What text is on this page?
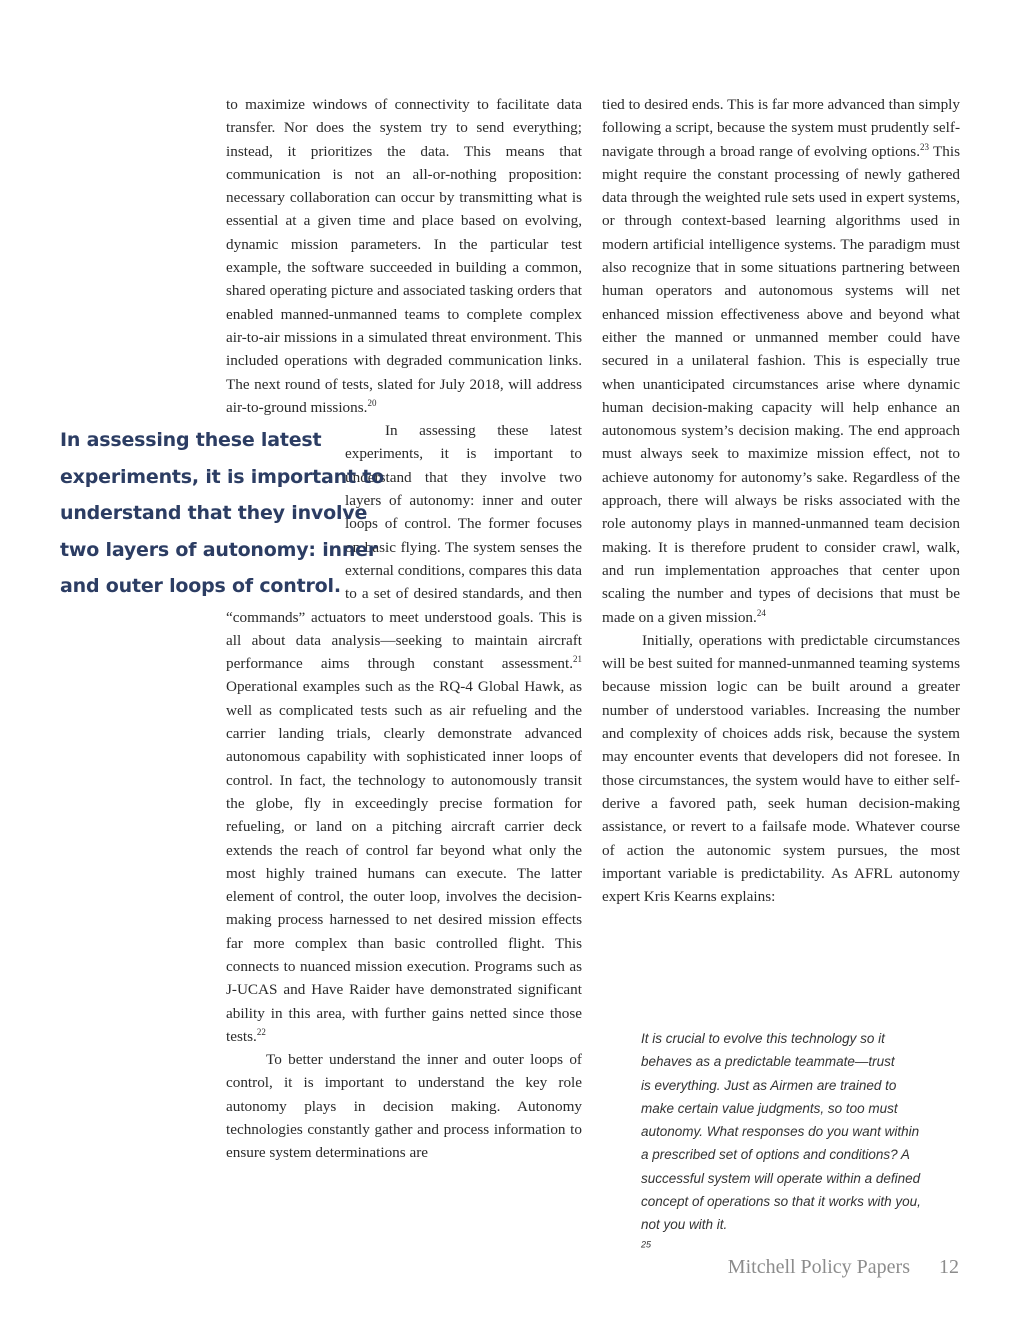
to maximize windows of connectivity to facilitate data transfer. Nor does the system try to send everything; instead, it prioritizes the data. This means that communication is not an all-or-nothing proposition: necessary collaboration can occur by transmitting what is essential at a given time and place based on evolving, dynamic mission parameters. In the particular test example, the software succeeded in building a common, shared operating picture and associated tasking orders that enabled manned-unmanned teams to complete complex air-to-air missions in a simulated threat environment. This included operations with degraded communication links. The next round of tests, slated for July 2018, will address air-to-ground missions.$^{20}$

In assessing these latest experiments, it is important to understand that they involve two layers of autonomy: inner and outer loops of control. The former focuses on basic flying. The system senses the external conditions, compares this data to a set of desired standards, and then “commands” actuators to meet understood goals. This is all about data analysis—seeking to maintain aircraft performance aims through constant assessment.$^{21}$ Operational examples such as the RQ-4 Global Hawk, as well as complicated tests such as air refueling and the carrier landing trials, clearly demonstrate advanced autonomous capability with sophisticated inner loops of control. In fact, the technology to autonomously transit the globe, fly in exceedingly precise formation for refueling, or land on a pitching aircraft carrier deck extends the reach of control far beyond what only the most highly trained humans can execute. The latter element of control, the outer loop, involves the decision-making process harnessed to net desired mission effects far more complex than basic controlled flight. This connects to nuanced mission execution. Programs such as J-UCAS and Have Raider have demonstrated significant ability in this area, with further gains netted since those tests.$^{22}$

To better understand the inner and outer loops of control, it is important to understand the key role autonomy plays in decision making. Autonomy technologies constantly gather and process information to ensure system determinations are

In assessing these latest
experiments, it is important to
understand that they involve
two layers of autonomy: inner
and outer loops of control.

tied to desired ends. This is far more advanced than simply following a script, because the system must prudently self-navigate through a broad range of evolving options.$^{23}$ This might require the constant processing of newly gathered data through the weighted rule sets used in expert systems, or through context-based learning algorithms used in modern artificial intelligence systems. The paradigm must also recognize that in some situations partnering between human operators and autonomous systems will net enhanced mission effectiveness above and beyond what either the manned or unmanned member could have secured in a unilateral fashion. This is especially true when unanticipated circumstances arise where dynamic human decision-making capacity will help enhance an autonomous system’s decision making. The end approach must always seek to maximize mission effect, not to achieve autonomy for autonomy’s sake. Regardless of the approach, there will always be risks associated with the role autonomy plays in manned-unmanned team decision making. It is therefore prudent to consider crawl, walk, and run implementation approaches that center upon scaling the number and types of decisions that must be made on a given mission.$^{24}$

Initially, operations with predictable circumstances will be best suited for manned-unmanned teaming systems because mission logic can be built around a greater number of understood variables. Increasing the number and complexity of choices adds risk, because the system may encounter events that developers did not foresee. In those circumstances, the system would have to either self-derive a favored path, seek human decision-making assistance, or revert to a failsafe mode. Whatever course of action the autonomic system pursues, the most important variable is predictability. As AFRL autonomy expert Kris Kearns explains:

It is crucial to evolve this technology so it
behaves as a predictable teammate—trust
is everything. Just as Airmen are trained to
make certain value judgments, so too must
autonomy. What responses do you want within
a prescribed set of options and conditions? A
successful system will operate within a defined
concept of operations so that it works with you,
not you with it.
$^{25}$
Mitchell Policy Papers 12
